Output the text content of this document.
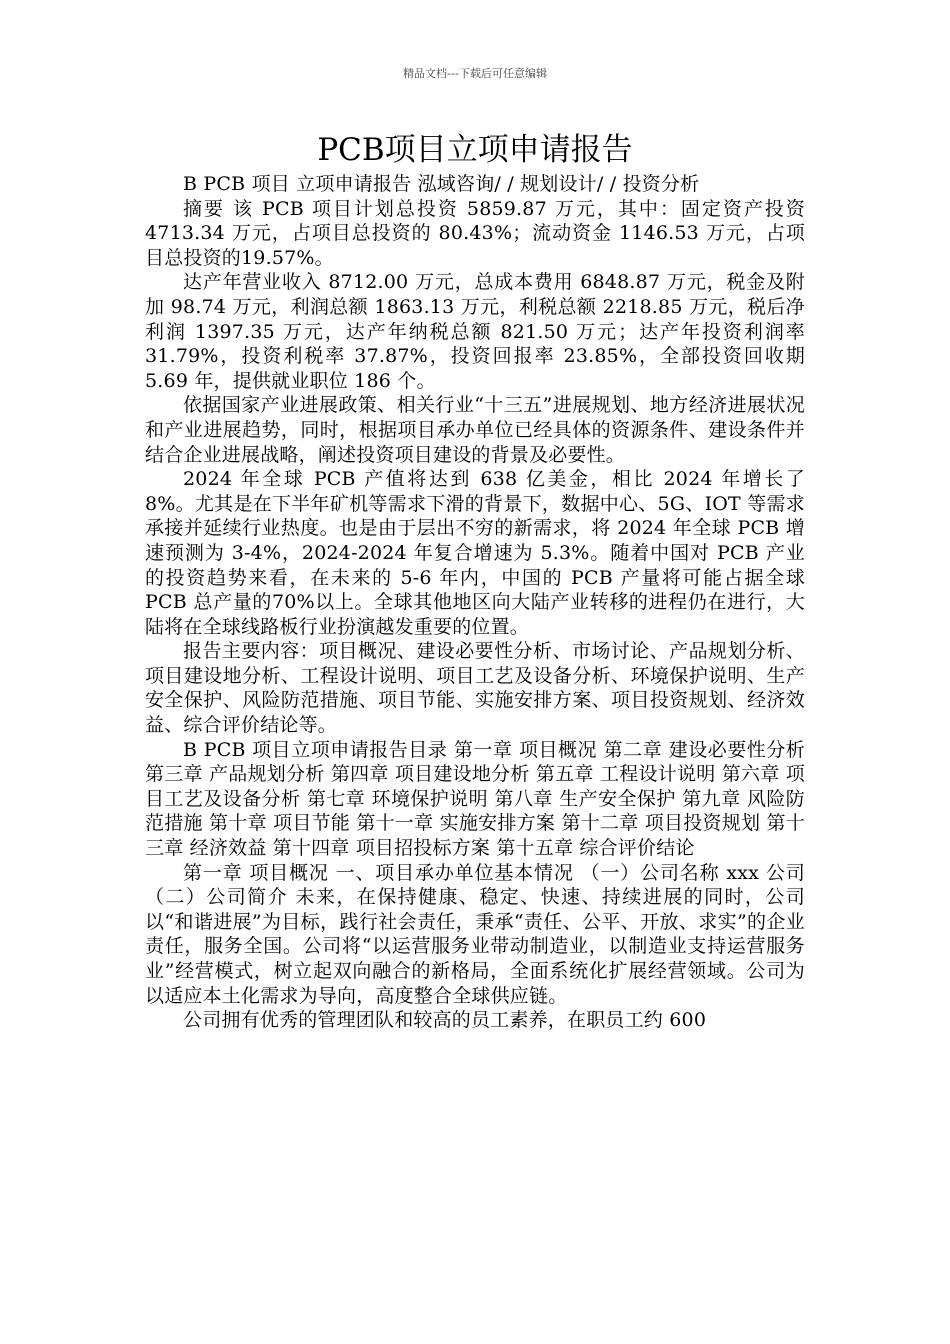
精品文档---下载后可任意编辑
PCB项目立项申请报告

B PCB 项目 立项申请报告 泓域咨询/ / 规划设计/ / 投资分析

摘要 该 PCB 项目计划总投资 5859.87 万元，其中：固定资产投资 4713.34 万元，占项目总投资的 80.43%；流动资金 1146.53 万元，占项目总投资的19.57%。

达产年营业收入 8712.00 万元，总成本费用 6848.87 万元，税金及附加 98.74 万元，利润总额 1863.13 万元，利税总额 2218.85 万元，税后净利润 1397.35 万元，达产年纳税总额 821.50 万元；达产年投资利润率 31.79%，投资利税率 37.87%，投资回报率 23.85%，全部投资回收期 5.69 年，提供就业职位 186 个。

依据国家产业进展政策、相关行业“十三五”进展规划、地方经济进展状况和产业进展趋势，同时，根据项目承办单位已经具体的资源条件、建设条件并结合企业进展战略，阐述投资项目建设的背景及必要性。

2024 年全球 PCB 产值将达到 638 亿美金，相比 2024 年增长了 8%。尤其是在下半年矿机等需求下滑的背景下，数据中心、5G、IOT 等需求承接并延续行业热度。也是由于层出不穷的新需求，将 2024 年全球 PCB 增速预测为 3-4%，2024-2024 年复合增速为 5.3%。随着中国对 PCB 产业的投资趋势来看，在未来的 5-6 年内，中国的 PCB 产量将可能占据全球 PCB 总产量的70%以上。全球其他地区向大陆产业转移的进程仍在进行，大陆将在全球线路板行业扮演越发重要的位置。

报告主要内容：项目概况、建设必要性分析、市场讨论、产品规划分析、项目建设地分析、工程设计说明、项目工艺及设备分析、环境保护说明、生产安全保护、风险防范措施、项目节能、实施安排方案、项目投资规划、经济效益、综合评价结论等。

B PCB 项目立项申请报告目录 第一章 项目概况 第二章 建设必要性分析 第三章 产品规划分析 第四章 项目建设地分析 第五章 工程设计说明 第六章 项目工艺及设备分析 第七章 环境保护说明 第八章 生产安全保护 第九章 风险防范措施 第十章 项目节能 第十一章 实施安排方案 第十二章 项目投资规划 第十三章 经济效益 第十四章 项目招投标方案 第十五章 综合评价结论

第一章 项目概况 一、项目承办单位基本情况 （一）公司名称 xxx 公司 （二）公司简介 未来，在保持健康、稳定、快速、持续进展的同时，公司以“和谐进展”为目标，践行社会责任，秉承“责任、公平、开放、求实”的企业责任，服务全国。公司将“以运营服务业带动制造业，以制造业支持运营服务业”经营模式，树立起双向融合的新格局，全面系统化扩展经营领域。公司为以适应本土化需求为导向，高度整合全球供应链。

公司拥有优秀的管理团队和较高的员工素养，在职员工约 600
